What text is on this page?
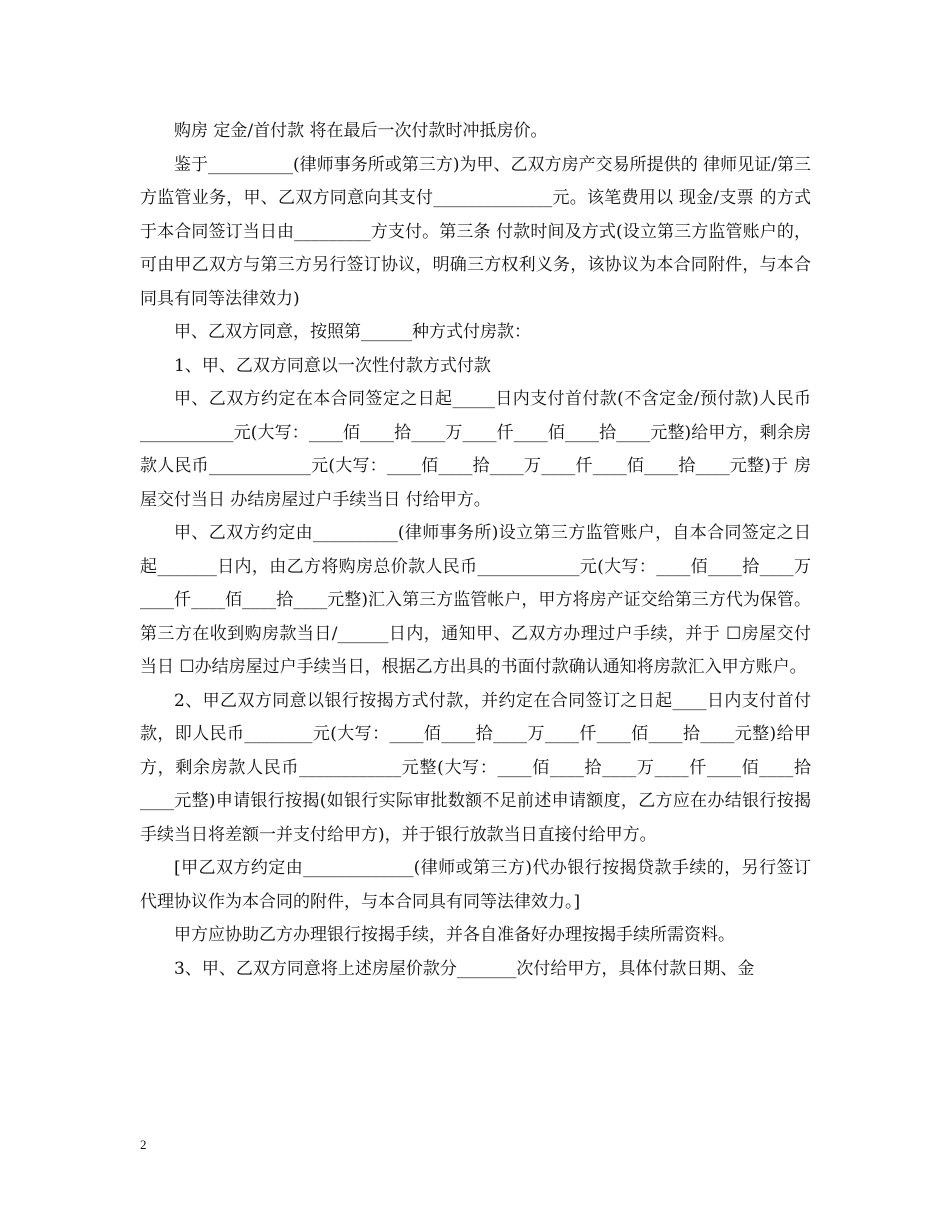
购房 定金/首付款 将在最后一次付款时冲抵房价。

鉴于__________(律师事务所或第三方)为甲、乙双方房产交易所提供的 律师见证/第三方监管业务，甲、乙双方同意向其支付______________元。该笔费用以 现金/支票 的方式于本合同签订当日由_________方支付。第三条 付款时间及方式(设立第三方监管账户的，可由甲乙双方与第三方另行签订协议，明确三方权利义务，该协议为本合同附件，与本合同具有同等法律效力)

甲、乙双方同意，按照第______种方式付房款：

1、甲、乙双方同意以一次性付款方式付款

甲、乙双方约定在本合同签定之日起_____日内支付首付款(不含定金/预付款)人民币___________元(大写：____佰____拾____万____仟____佰____拾____元整)给甲方，剩余房款人民币____________元(大写：____佰____拾____万____仟____佰____拾____元整)于 房屋交付当日 办结房屋过户手续当日 付给甲方。

甲、乙双方约定由__________(律师事务所)设立第三方监管账户，自本合同签定之日起_______日内，由乙方将购房总价款人民币____________元(大写：____佰____拾____万____仟____佰____拾____元整)汇入第三方监管帐户，甲方将房产证交给第三方代为保管。第三方在收到购房款当日/______日内，通知甲、乙双方办理过户手续，并于 ☐房屋交付当日 ☐办结房屋过户手续当日，根据乙方出具的书面付款确认通知将房款汇入甲方账户。

2、甲乙双方同意以银行按揭方式付款，并约定在合同签订之日起____日内支付首付款，即人民币________元(大写：____佰____拾____万____仟____佰____拾____元整)给甲方，剩余房款人民币____________元整(大写：____佰____拾____万____仟____佰____拾____元整)申请银行按揭(如银行实际审批数额不足前述申请额度，乙方应在办结银行按揭手续当日将差额一并支付给甲方)，并于银行放款当日直接付给甲方。

[甲乙双方约定由_____________(律师或第三方)代办银行按揭贷款手续的，另行签订代理协议作为本合同的附件，与本合同具有同等法律效力。]

甲方应协助乙方办理银行按揭手续，并各自准备好办理按揭手续所需资料。

3、甲、乙双方同意将上述房屋价款分_______次付给甲方，具体付款日期、金

2
